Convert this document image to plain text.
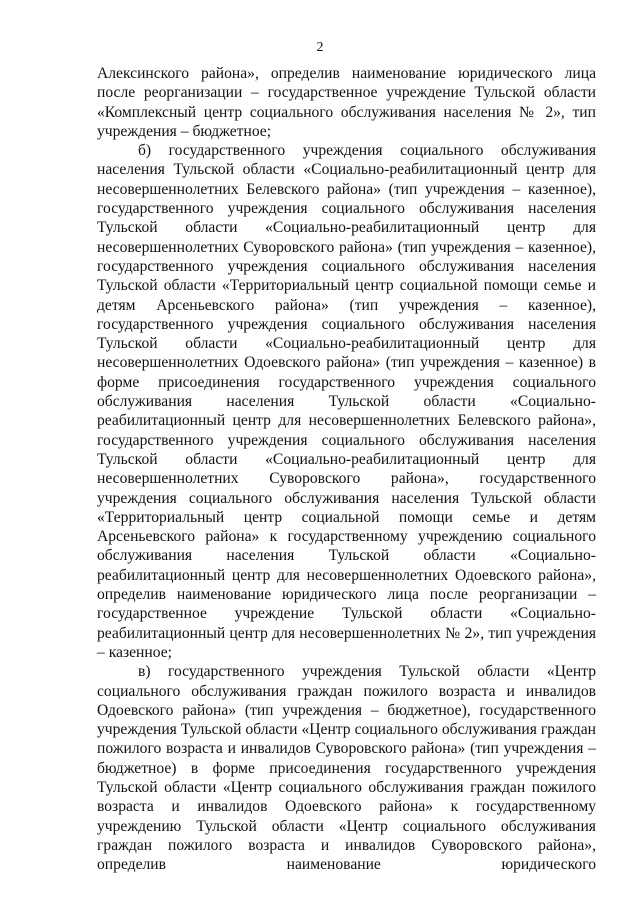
2

Алексинского района», определив наименование юридического лица после реорганизации – государственное учреждение Тульской области «Комплексный центр социального обслуживания населения № 2», тип учреждения – бюджетное;

б) государственного учреждения социального обслуживания населения Тульской области «Социально-реабилитационный центр для несовершеннолетних Белевского района» (тип учреждения – казенное), государственного учреждения социального обслуживания населения Тульской области «Социально-реабилитационный центр для несовершеннолетних Суворовского района» (тип учреждения – казенное), государственного учреждения социального обслуживания населения Тульской области «Территориальный центр социальной помощи семье и детям Арсеньевского района» (тип учреждения – казенное), государственного учреждения социального обслуживания населения Тульской области «Социально-реабилитационный центр для несовершеннолетних Одоевского района» (тип учреждения – казенное) в форме присоединения государственного учреждения социального обслуживания населения Тульской области «Социально-реабилитационный центр для несовершеннолетних Белевского района», государственного учреждения социального обслуживания населения Тульской области «Социально-реабилитационный центр для несовершеннолетних Суворовского района», государственного учреждения социального обслуживания населения Тульской области «Территориальный центр социальной помощи семье и детям Арсеньевского района» к государственному учреждению социального обслуживания населения Тульской области «Социально-реабилитационный центр для несовершеннолетних Одоевского района», определив наименование юридического лица после реорганизации – государственное учреждение Тульской области «Социально-реабилитационный центр для несовершеннолетних № 2», тип учреждения – казенное;

в) государственного учреждения Тульской области «Центр социального обслуживания граждан пожилого возраста и инвалидов Одоевского района» (тип учреждения – бюджетное), государственного учреждения Тульской области «Центр социального обслуживания граждан пожилого возраста и инвалидов Суворовского района» (тип учреждения – бюджетное) в форме присоединения государственного учреждения Тульской области «Центр социального обслуживания граждан пожилого возраста и инвалидов Одоевского района» к государственному учреждению Тульской области «Центр социального обслуживания граждан пожилого возраста и инвалидов Суворовского района», определив наименование юридического
